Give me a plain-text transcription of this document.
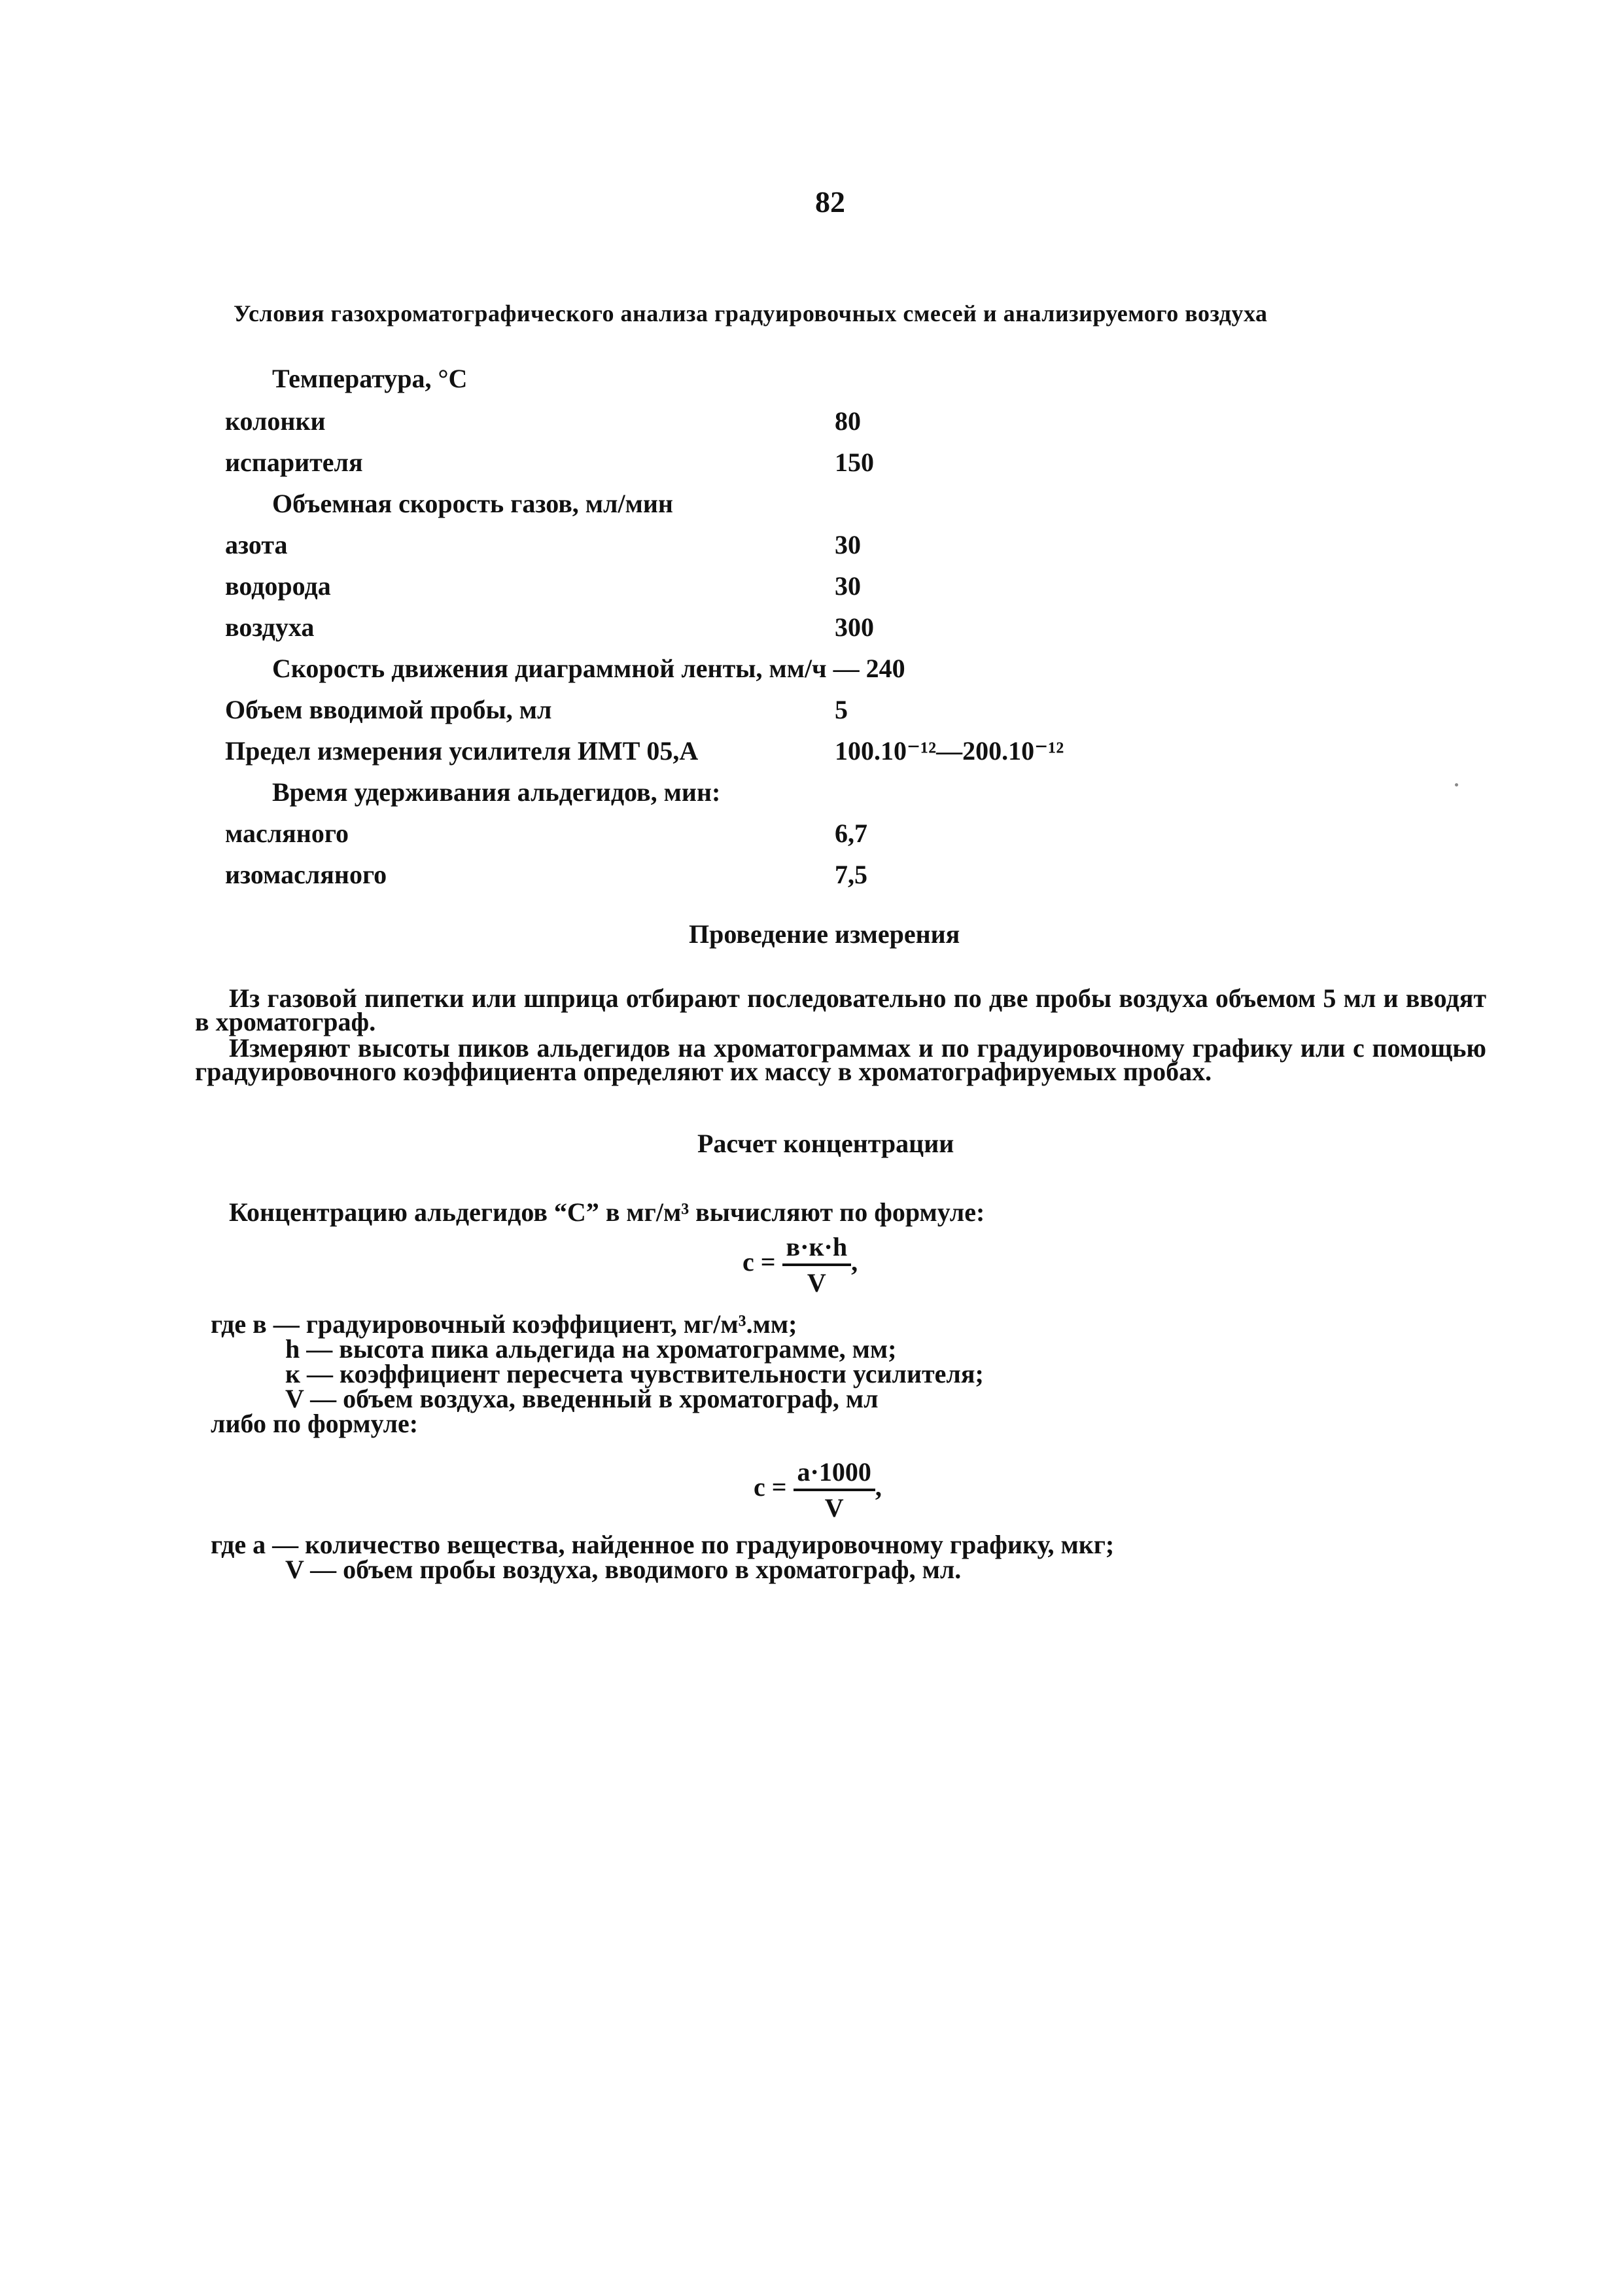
82
Условия газохроматографического анализа градуировочных смесей и анализируемого воздуха
Температура, °С
колонки	80
испарителя	150
Объемная скорость газов, мл/мин
азота	30
водорода	30
воздуха	300
Скорость движения диаграммной ленты, мм/ч — 240
Объем вводимой пробы, мл	5
Предел измерения усилителя ИМТ 05,А	100.10⁻¹²—200.10⁻¹²
Время удерживания альдегидов, мин:
масляного	6,7
изомасляного	7,5
Проведение измерения
Из газовой пипетки или шприца отбирают последовательно по две пробы воздуха объемом 5 мл и вводят в хроматограф.
Измеряют высоты пиков альдегидов на хроматограммах и по градуировочному графику или с помощью градуировочного коэффициента определяют их массу в хроматографируемых пробах.
Расчет концентрации
Концентрацию альдегидов “С” в мг/м³ вычисляют по формуле:
$c = \frac{в\cdot к\cdot h}{V}$ ,
где в — градуировочный коэффициент, мг/м³.мм;
h — высота пика альдегида на хроматограмме, мм;
к — коэффициент пересчета чувствительности усилителя;
V — объем воздуха, введенный в хроматограф, мл
либо по формуле:
$c = \frac{a\cdot 1000}{V}$ ,
где а — количество вещества, найденное по градуировочному графику, мкг;
V — объем пробы воздуха, вводимого в хроматограф, мл.
